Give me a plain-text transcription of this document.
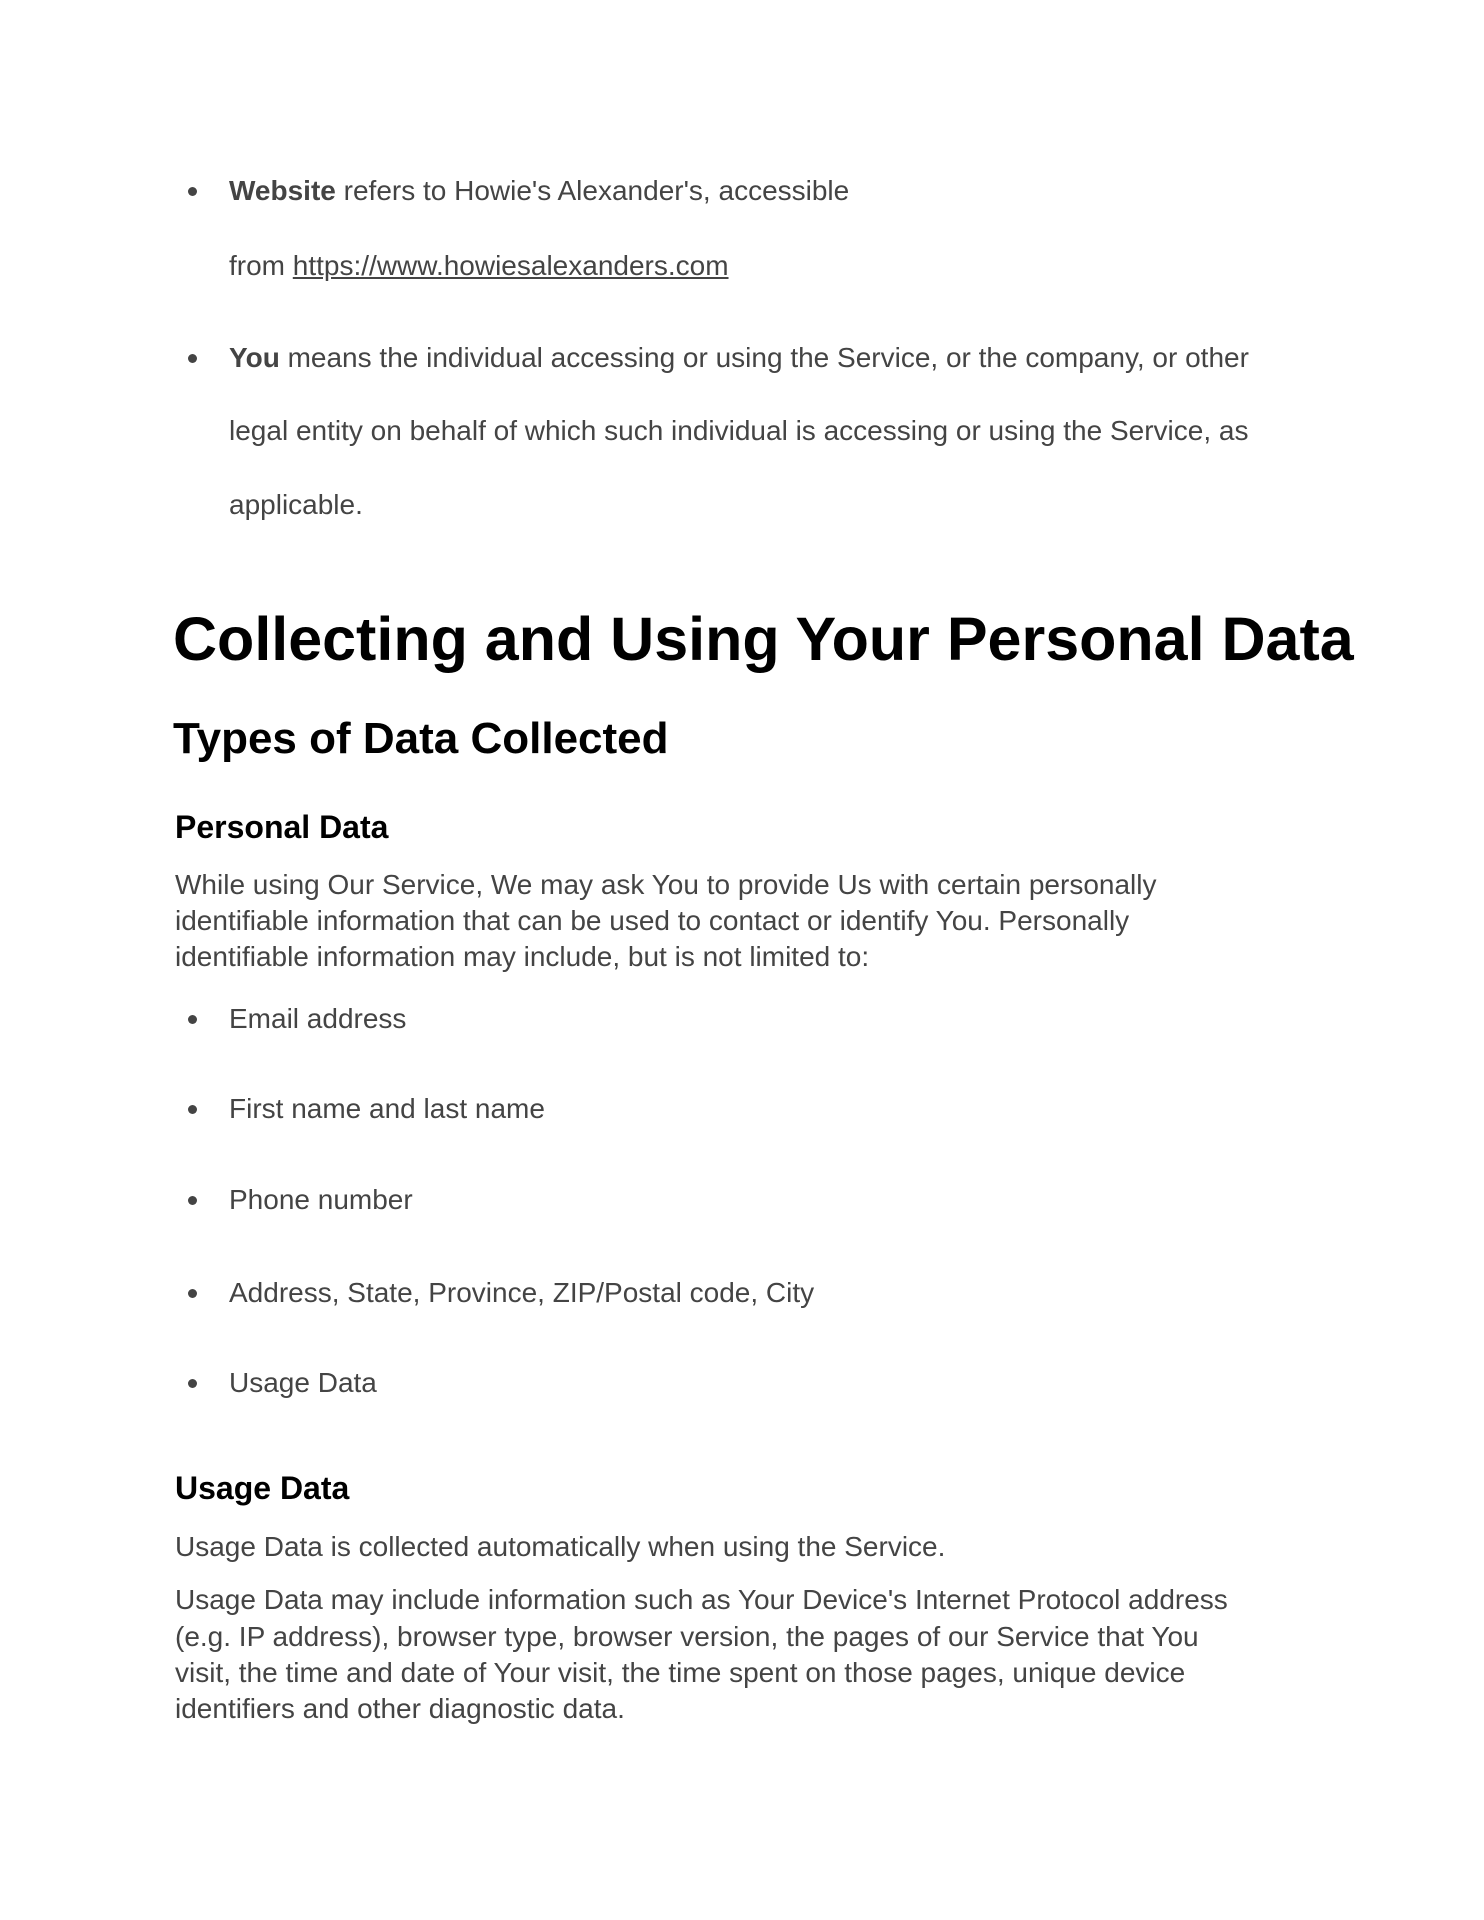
Website refers to Howie's Alexander's, accessible
from https://www.howiesalexanders.com
You means the individual accessing or using the Service, or the company, or other
legal entity on behalf of which such individual is accessing or using the Service, as
applicable.
Collecting and Using Your Personal Data
Types of Data Collected
Personal Data
While using Our Service, We may ask You to provide Us with certain personally
identifiable information that can be used to contact or identify You. Personally
identifiable information may include, but is not limited to:
Email address
First name and last name
Phone number
Address, State, Province, ZIP/Postal code, City
Usage Data
Usage Data
Usage Data is collected automatically when using the Service.
Usage Data may include information such as Your Device's Internet Protocol address
(e.g. IP address), browser type, browser version, the pages of our Service that You
visit, the time and date of Your visit, the time spent on those pages, unique device
identifiers and other diagnostic data.
